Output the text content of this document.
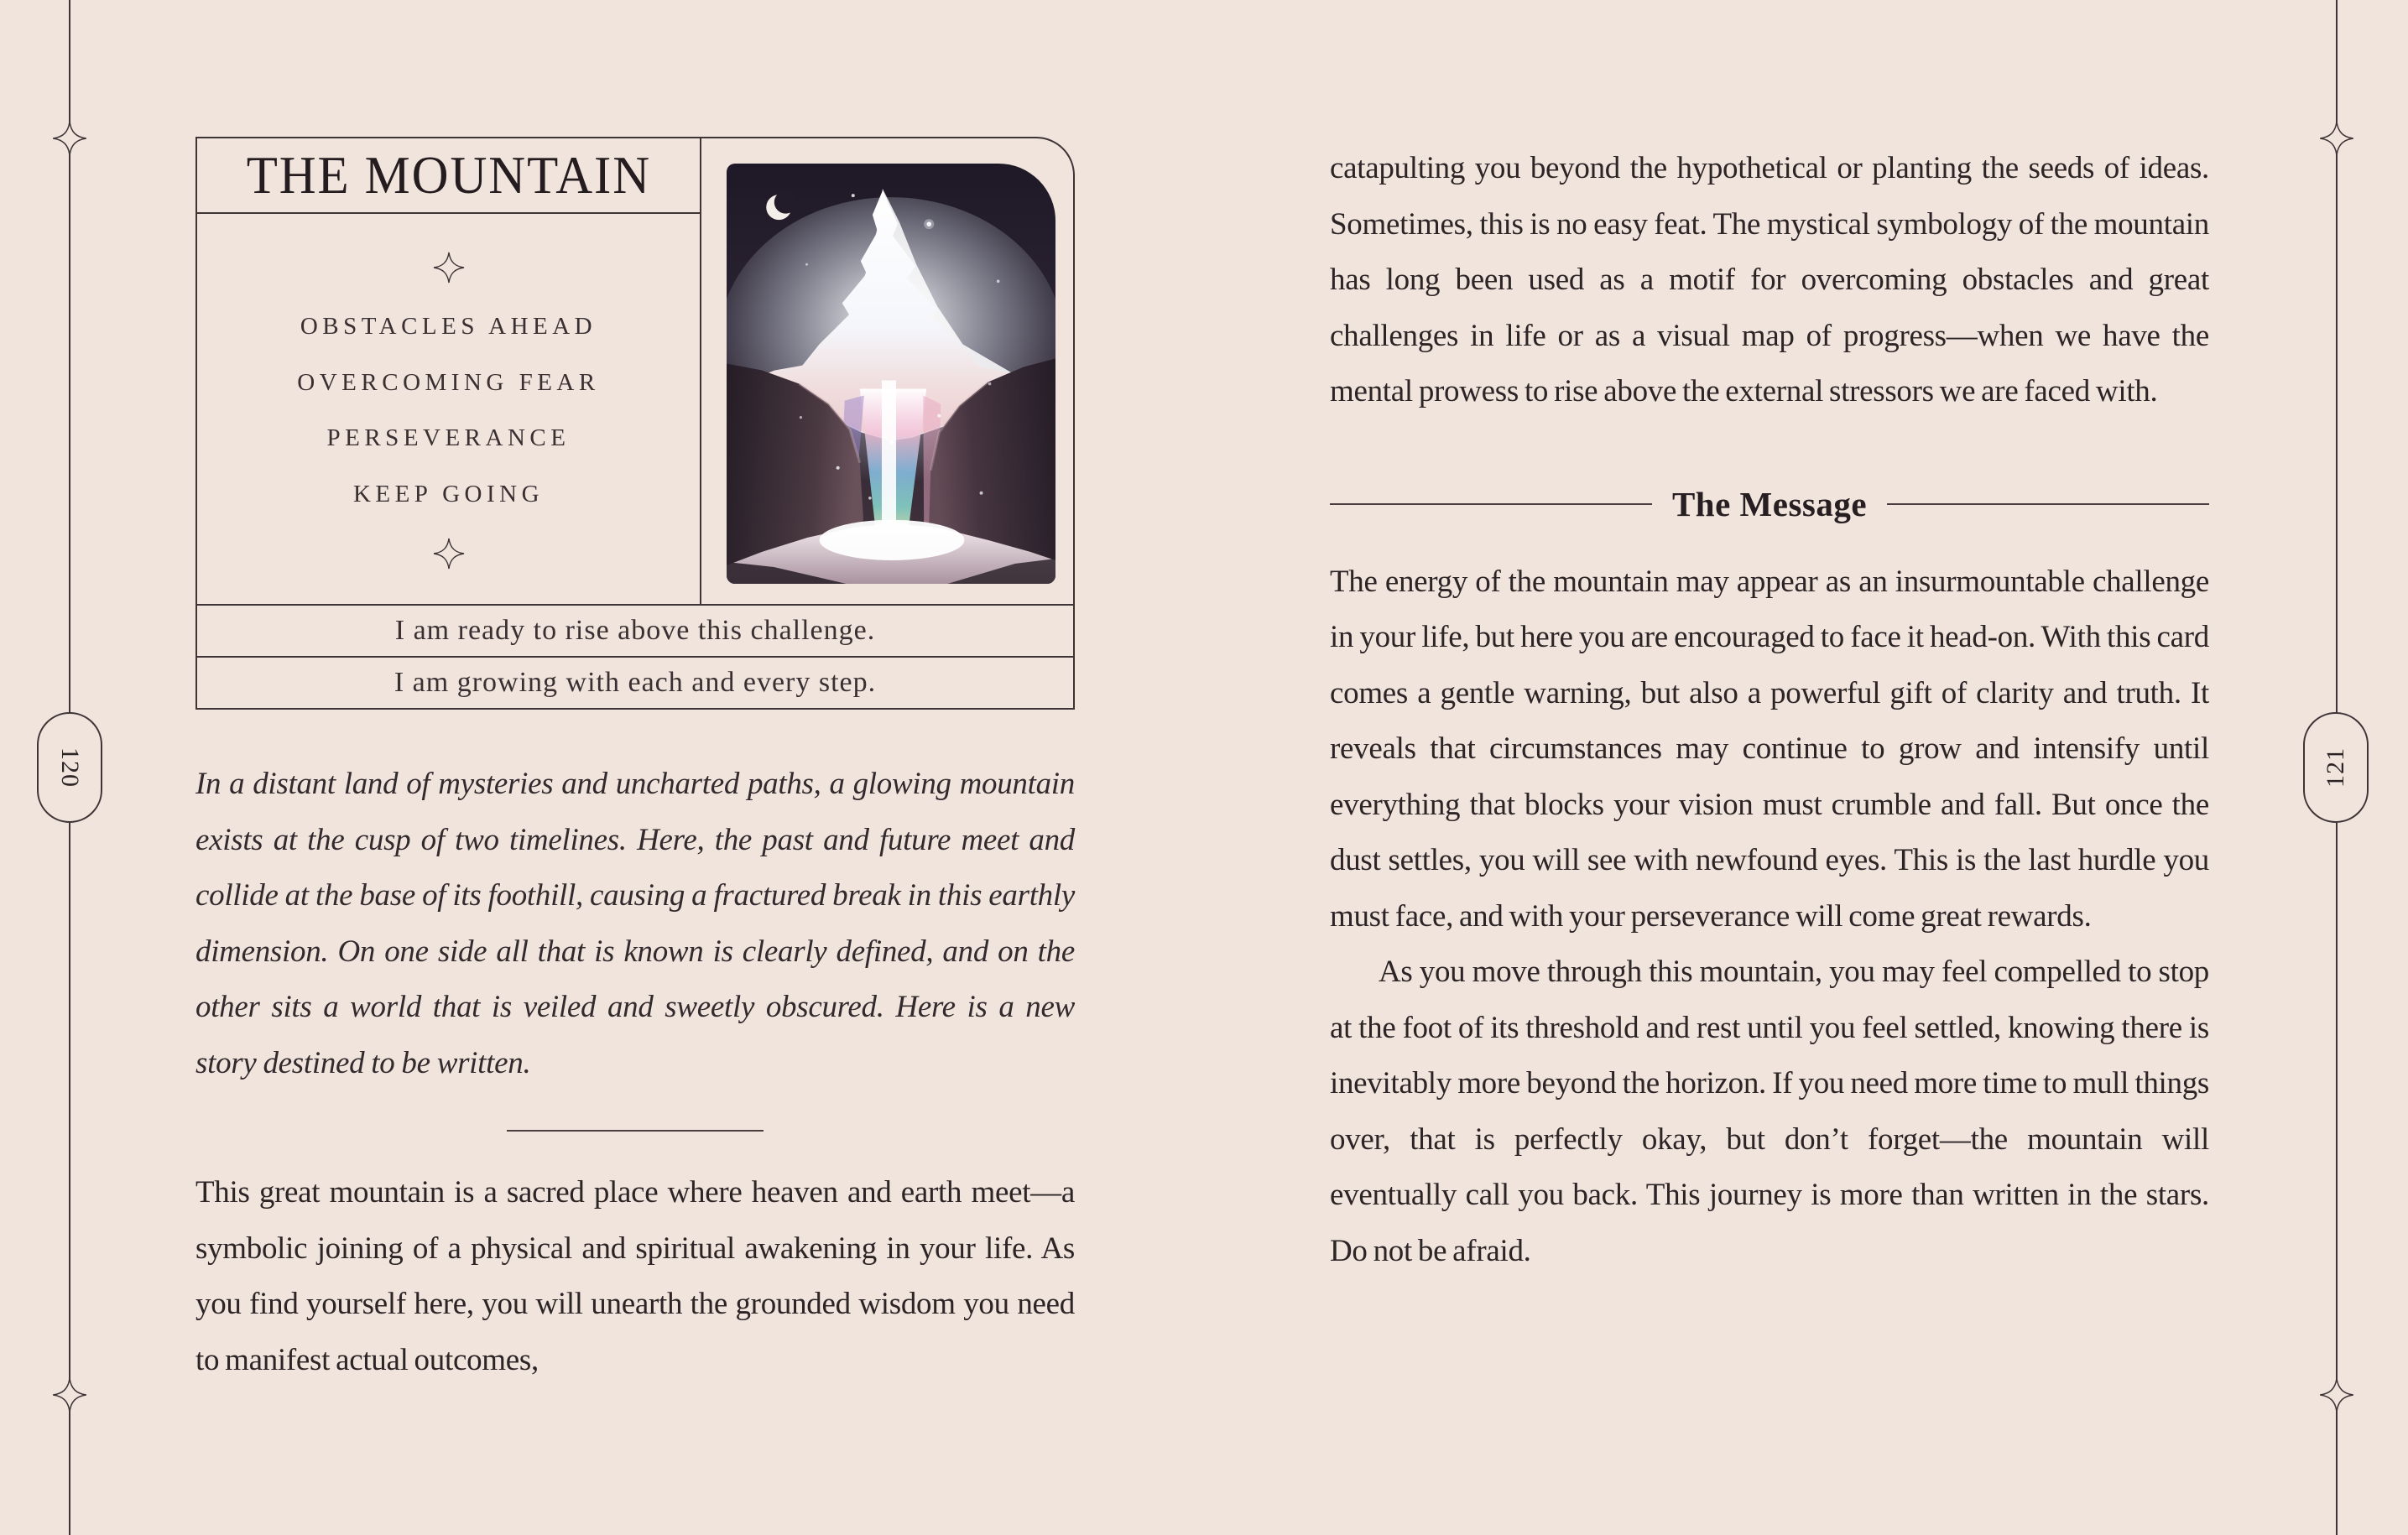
120	121
THE MOUNTAIN
OBSTACLES AHEAD
OVERCOMING FEAR
PERSEVERANCE
KEEP GOING
I am ready to rise above this challenge.
I am growing with each and every step.

In a distant land of mysteries and uncharted paths, a glowing mountain exists at the cusp of two timelines. Here, the past and future meet and collide at the base of its foothill, causing a fractured break in this earthly dimension. On one side all that is known is clearly defined, and on the other sits a world that is veiled and sweetly obscured. Here is a new story destined to be written.

This great mountain is a sacred place where heaven and earth meet—a symbolic joining of a physical and spiritual awakening in your life. As you find yourself here, you will unearth the grounded wisdom you need to manifest actual outcomes,

catapulting you beyond the hypothetical or planting the seeds of ideas. Sometimes, this is no easy feat. The mystical symbology of the mountain has long been used as a motif for overcoming obstacles and great challenges in life or as a visual map of progress—when we have the mental prowess to rise above the external stressors we are faced with.

The Message

The energy of the mountain may appear as an insurmountable challenge in your life, but here you are encouraged to face it head-on. With this card comes a gentle warning, but also a powerful gift of clarity and truth. It reveals that circumstances may continue to grow and intensify until everything that blocks your vision must crumble and fall. But once the dust settles, you will see with newfound eyes. This is the last hurdle you must face, and with your perseverance will come great rewards.

As you move through this mountain, you may feel compelled to stop at the foot of its threshold and rest until you feel settled, knowing there is inevitably more beyond the horizon. If you need more time to mull things over, that is perfectly okay, but don’t forget—the mountain will eventually call you back. This journey is more than written in the stars. Do not be afraid.
